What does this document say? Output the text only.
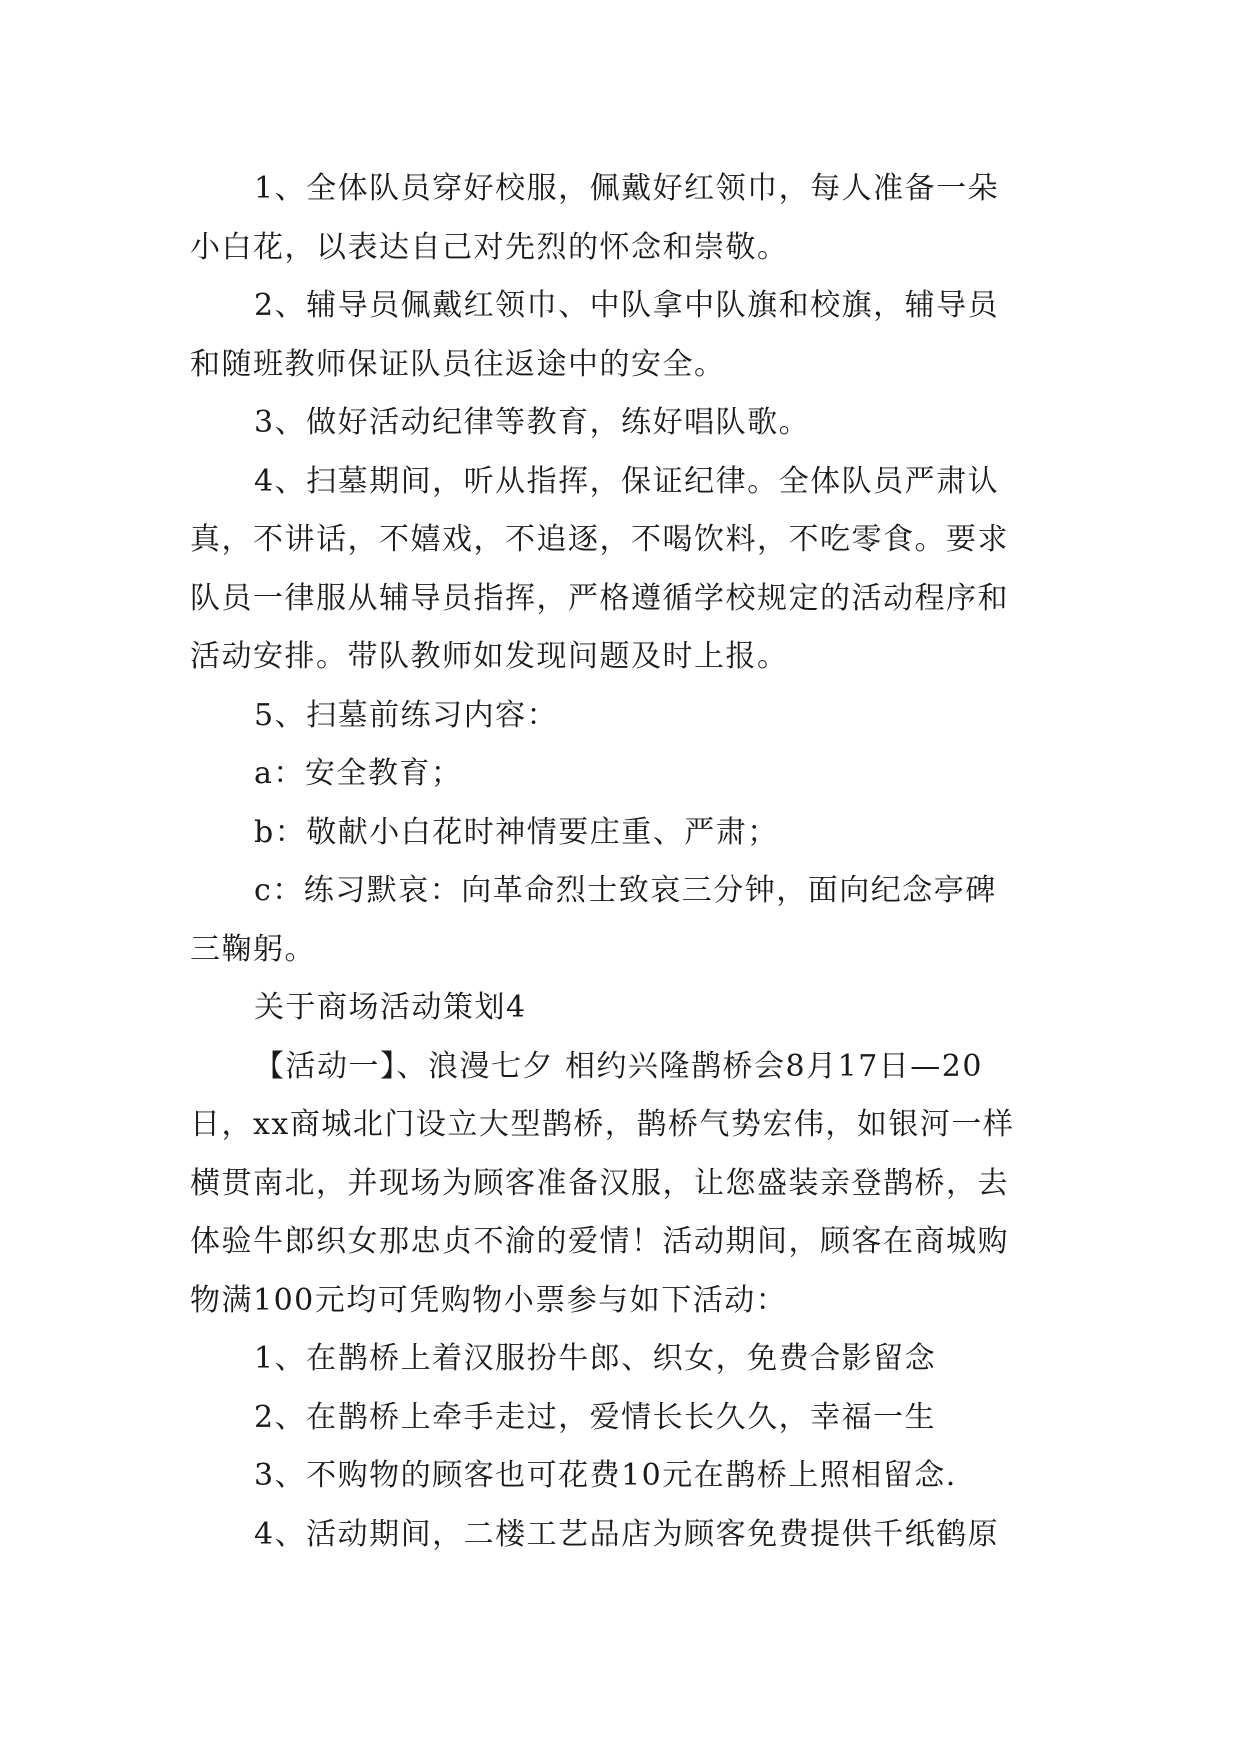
1、全体队员穿好校服，佩戴好红领巾，每人准备一朵
小白花，以表达自己对先烈的怀念和崇敬。
2、辅导员佩戴红领巾、中队拿中队旗和校旗，辅导员
和随班教师保证队员往返途中的安全。
3、做好活动纪律等教育，练好唱队歌。
4、扫墓期间，听从指挥，保证纪律。全体队员严肃认
真，不讲话，不嬉戏，不追逐，不喝饮料，不吃零食。要求
队员一律服从辅导员指挥，严格遵循学校规定的活动程序和
活动安排。带队教师如发现问题及时上报。
5、扫墓前练习内容：
a：安全教育；
b：敬献小白花时神情要庄重、严肃；
c：练习默哀：向革命烈士致哀三分钟，面向纪念亭碑
三鞠躬。
关于商场活动策划4
【活动一】、浪漫七夕 相约兴隆鹊桥会8月17日—20
日，xx商城北门设立大型鹊桥，鹊桥气势宏伟，如银河一样
横贯南北，并现场为顾客准备汉服，让您盛装亲登鹊桥，去
体验牛郎织女那忠贞不渝的爱情！活动期间，顾客在商城购
物满100元均可凭购物小票参与如下活动：
1、在鹊桥上着汉服扮牛郎、织女，免费合影留念
2、在鹊桥上牵手走过，爱情长长久久，幸福一生
3、不购物的顾客也可花费10元在鹊桥上照相留念.
4、活动期间，二楼工艺品店为顾客免费提供千纸鹤原
